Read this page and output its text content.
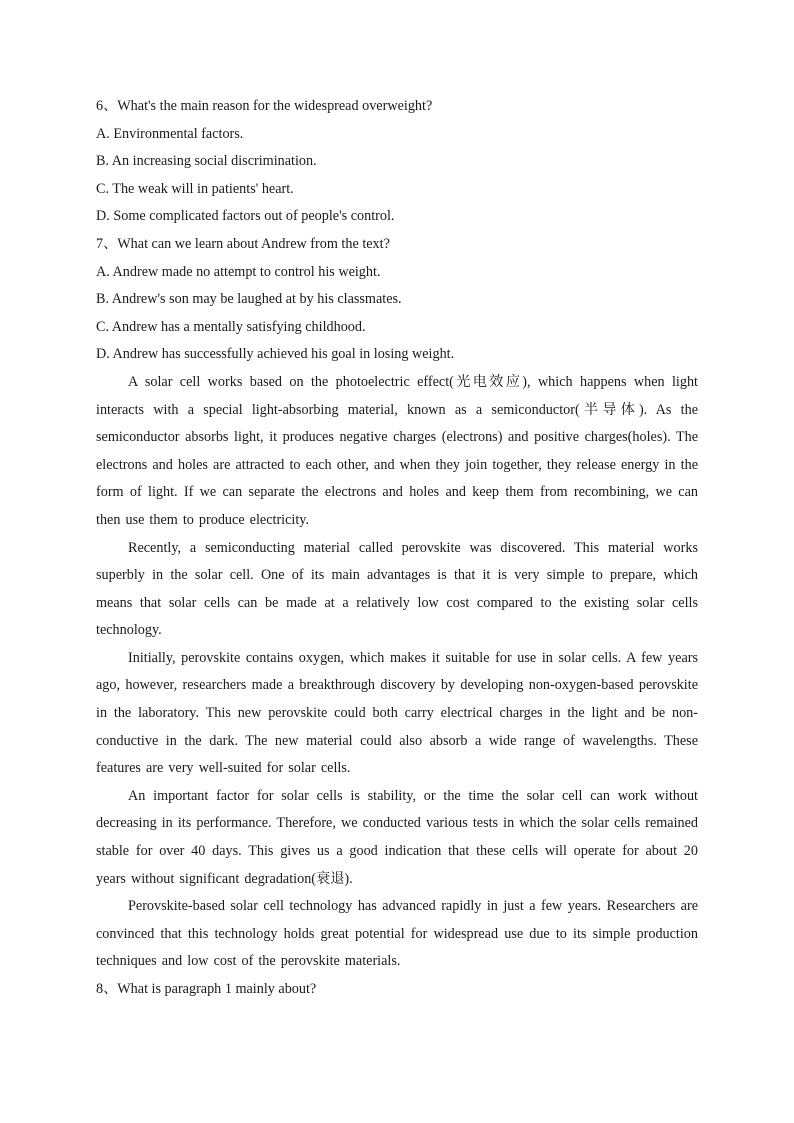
6、What's the main reason for the widespread overweight?

A. Environmental factors.

B. An increasing social discrimination.

C. The weak will in patients' heart.

D. Some complicated factors out of people's control.

7、What can we learn about Andrew from the text?

A. Andrew made no attempt to control his weight.

B. Andrew's son may be laughed at by his classmates.

C. Andrew has a mentally satisfying childhood.

D. Andrew has successfully achieved his goal in losing weight.

A solar cell works based on the photoelectric effect(光电效应), which happens when light interacts with a special light-absorbing material, known as a semiconductor(半导体). As the semiconductor absorbs light, it produces negative charges (electrons) and positive charges(holes). The electrons and holes are attracted to each other, and when they join together, they release energy in the form of light. If we can separate the electrons and holes and keep them from recombining, we can then use them to produce electricity.

Recently, a semiconducting material called perovskite was discovered. This material works superbly in the solar cell. One of its main advantages is that it is very simple to prepare, which means that solar cells can be made at a relatively low cost compared to the existing solar cells technology.

Initially, perovskite contains oxygen, which makes it suitable for use in solar cells. A few years ago, however, researchers made a breakthrough discovery by developing non-oxygen-based perovskite in the laboratory. This new perovskite could both carry electrical charges in the light and be non-conductive in the dark. The new material could also absorb a wide range of wavelengths. These features are very well-suited for solar cells.

An important factor for solar cells is stability, or the time the solar cell can work without decreasing in its performance. Therefore, we conducted various tests in which the solar cells remained stable for over 40 days. This gives us a good indication that these cells will operate for about 20 years without significant degradation(衰退).

Perovskite-based solar cell technology has advanced rapidly in just a few years. Researchers are convinced that this technology holds great potential for widespread use due to its simple production techniques and low cost of the perovskite materials.

8、What is paragraph 1 mainly about?
